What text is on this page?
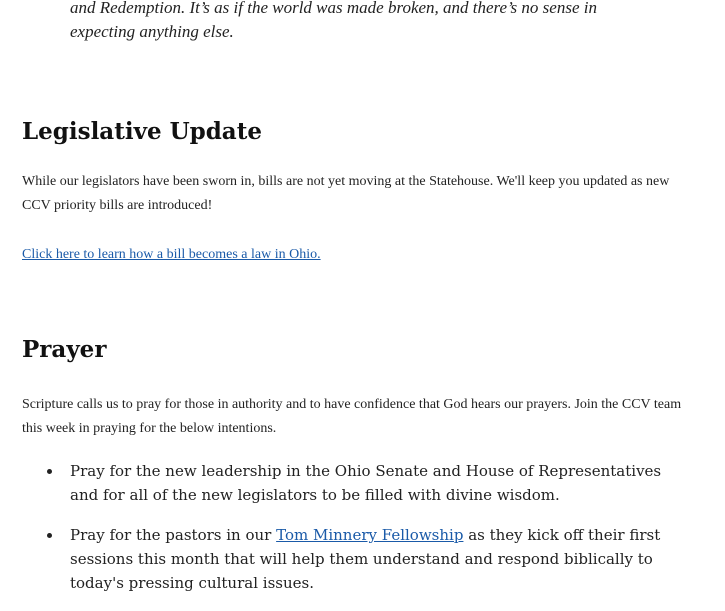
and Redemption. It’s as if the world was made broken, and there’s no sense in
expecting anything else.

Legislative Update

While our legislators have been sworn in, bills are not yet moving at the Statehouse. We'll keep you updated as new CCV priority bills are introduced!

Click here to learn how a bill becomes a law in Ohio.

Prayer

Scripture calls us to pray for those in authority and to have confidence that God hears our prayers. Join the CCV team this week in praying for the below intentions.

Pray for the new leadership in the Ohio Senate and House of Representatives and for all of the new legislators to be filled with divine wisdom.
Pray for the pastors in our Tom Minnery Fellowship as they kick off their first sessions this month that will help them understand and respond biblically to today's pressing cultural issues.
